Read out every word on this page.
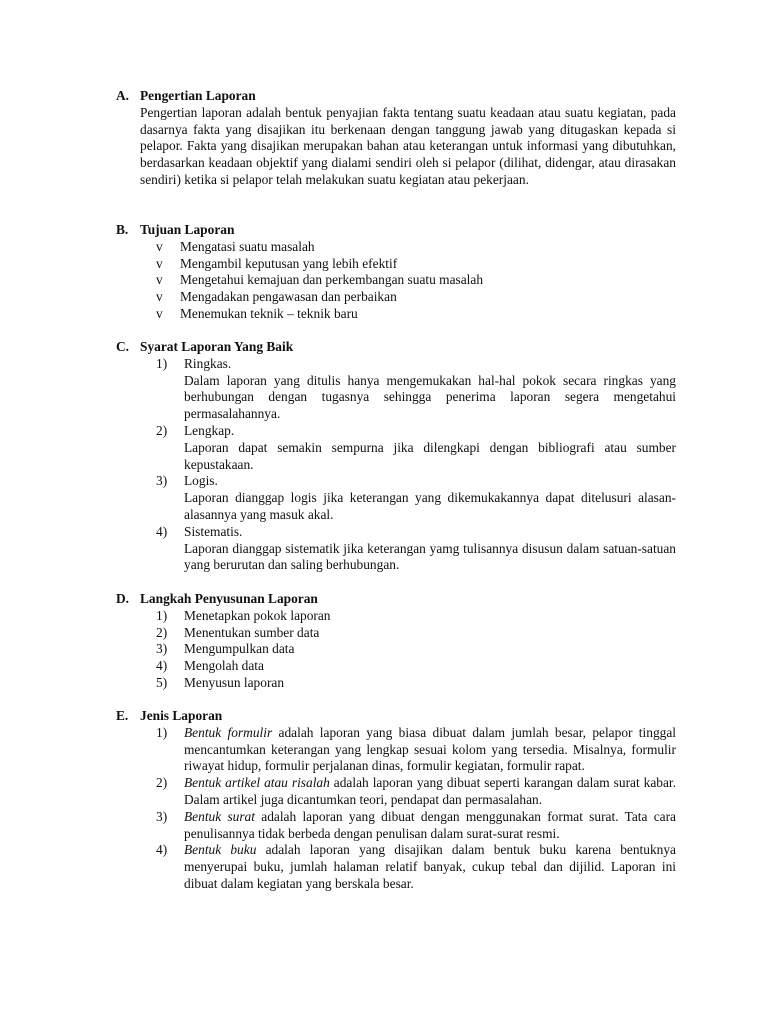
A. Pengertian Laporan
Pengertian laporan adalah bentuk penyajian fakta tentang suatu keadaan atau suatu kegiatan, pada dasarnya fakta yang disajikan itu berkenaan dengan tanggung jawab yang ditugaskan kepada si pelapor. Fakta yang disajikan merupakan bahan atau keterangan untuk informasi yang dibutuhkan, berdasarkan keadaan objektif yang dialami sendiri oleh si pelapor (dilihat, didengar, atau dirasakan sendiri) ketika si pelapor telah melakukan suatu kegiatan atau pekerjaan.
B. Tujuan Laporan
v	Mengatasi suatu masalah
v	Mengambil keputusan yang lebih efektif
v	Mengetahui kemajuan dan perkembangan suatu masalah
v	Mengadakan pengawasan dan perbaikan
v	Menemukan teknik – teknik baru
C. Syarat Laporan Yang Baik
1)	Ringkas.
Dalam laporan yang ditulis hanya mengemukakan hal-hal pokok secara ringkas yang berhubungan dengan tugasnya sehingga penerima laporan segera mengetahui permasalahannya.
2)	Lengkap.
Laporan dapat semakin sempurna jika dilengkapi dengan bibliografi atau sumber kepustakaan.
3)	Logis.
Laporan dianggap logis jika keterangan yang dikemukakannya dapat ditelusuri alasan-alasannya yang masuk akal.
4)	Sistematis.
Laporan dianggap sistematik jika keterangan yamg tulisannya disusun dalam satuan-satuan yang berurutan dan saling berhubungan.
D. Langkah Penyusunan Laporan
1)	Menetapkan pokok laporan
2)	Menentukan sumber data
3)	Mengumpulkan data
4)	Mengolah data
5)	Menyusun laporan
E. Jenis Laporan
1)	Bentuk formulir adalah laporan yang biasa dibuat dalam jumlah besar, pelapor tinggal mencantumkan keterangan yang lengkap sesuai kolom yang tersedia. Misalnya, formulir riwayat hidup, formulir perjalanan dinas, formulir kegiatan, formulir rapat.
2)	Bentuk artikel atau risalah adalah laporan yang dibuat seperti karangan dalam surat kabar. Dalam artikel juga dicantumkan teori, pendapat dan permasalahan.
3)	Bentuk surat adalah laporan yang dibuat dengan menggunakan format surat. Tata cara penulisannya tidak berbeda dengan penulisan dalam surat-surat resmi.
4)	Bentuk buku adalah laporan yang disajikan dalam bentuk buku karena bentuknya menyerupai buku, jumlah halaman relatif banyak, cukup tebal dan dijilid. Laporan ini dibuat dalam kegiatan yang berskala besar.
